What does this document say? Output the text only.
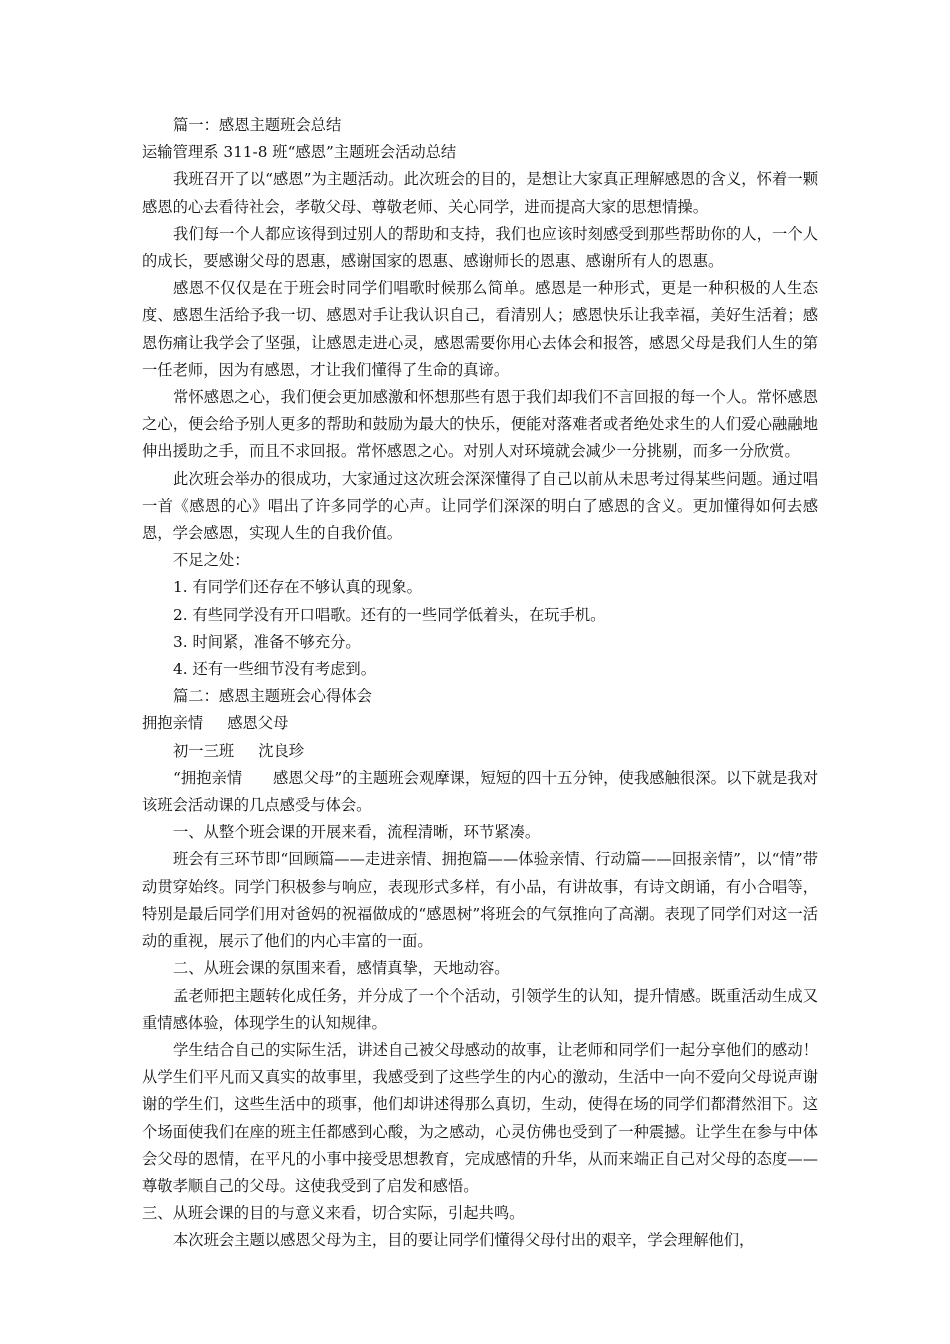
篇一：感恩主题班会总结

运输管理系 311-8 班“感恩”主题班会活动总结

我班召开了以“感恩”为主题活动。此次班会的目的，是想让大家真正理解感恩的含义，怀着一颗感恩的心去看待社会，孝敬父母、尊敬老师、关心同学，进而提高大家的思想情操。

我们每一个人都应该得到过别人的帮助和支持，我们也应该时刻感受到那些帮助你的人，一个人的成长，要感谢父母的恩惠，感谢国家的恩惠、感谢师长的恩惠、感谢所有人的恩惠。

感恩不仅仅是在于班会时同学们唱歌时候那么简单。感恩是一种形式，更是一种积极的人生态度、感恩生活给予我一切、感恩对手让我认识自己，看清别人；感恩快乐让我幸福，美好生活着；感恩伤痛让我学会了坚强，让感恩走进心灵，感恩需要你用心去体会和报答，感恩父母是我们人生的第一任老师，因为有感恩，才让我们懂得了生命的真谛。

常怀感恩之心，我们便会更加感激和怀想那些有恩于我们却我们不言回报的每一个人。常怀感恩之心，便会给予别人更多的帮助和鼓励为最大的快乐，便能对落难者或者绝处求生的人们爱心融融地伸出援助之手，而且不求回报。常怀感恩之心。对别人对环境就会减少一分挑剔，而多一分欣赏。

此次班会举办的很成功，大家通过这次班会深深懂得了自己以前从未思考过得某些问题。通过唱一首《感恩的心》唱出了许多同学的心声。让同学们深深的明白了感恩的含义。更加懂得如何去感恩，学会感恩，实现人生的自我价值。

不足之处：

1. 有同学们还存在不够认真的现象。

2. 有些同学没有开口唱歌。还有的一些同学低着头，在玩手机。

3. 时间紧，准备不够充分。

4. 还有一些细节没有考虑到。

篇二：感恩主题班会心得体会

拥抱亲情 感恩父母

初一三班 沈良珍

“拥抱亲情　　感恩父母”的主题班会观摩课，短短的四十五分钟，使我感触很深。以下就是我对该班会活动课的几点感受与体会。

一、从整个班会课的开展来看，流程清晰，环节紧凑。

班会有三环节即“回顾篇——走进亲情、拥抱篇——体验亲情、行动篇——回报亲情”，以“情”带动贯穿始终。同学门积极参与响应，表现形式多样，有小品，有讲故事，有诗文朗诵，有小合唱等，特别是最后同学们用对爸妈的祝福做成的“感恩树”将班会的气氛推向了高潮。表现了同学们对这一活动的重视，展示了他们的内心丰富的一面。

二、从班会课的氛围来看，感情真挚，天地动容。

孟老师把主题转化成任务，并分成了一个个活动，引领学生的认知，提升情感。既重活动生成又重情感体验，体现学生的认知规律。

学生结合自己的实际生活，讲述自己被父母感动的故事，让老师和同学们一起分享他们的感动！从学生们平凡而又真实的故事里，我感受到了这些学生的内心的激动，生活中一向不爱向父母说声谢谢的学生们，这些生活中的琐事，他们却讲述得那么真切，生动，使得在场的同学们都潸然泪下。这个场面使我们在座的班主任都感到心酸，为之感动，心灵仿佛也受到了一种震撼。让学生在参与中体会父母的恩情，在平凡的小事中接受思想教育，完成感情的升华，从而来端正自己对父母的态度——尊敬孝顺自己的父母。这使我受到了启发和感悟。

三、从班会课的目的与意义来看，切合实际，引起共鸣。

本次班会主题以感恩父母为主，目的要让同学们懂得父母付出的艰辛，学会理解他们，
